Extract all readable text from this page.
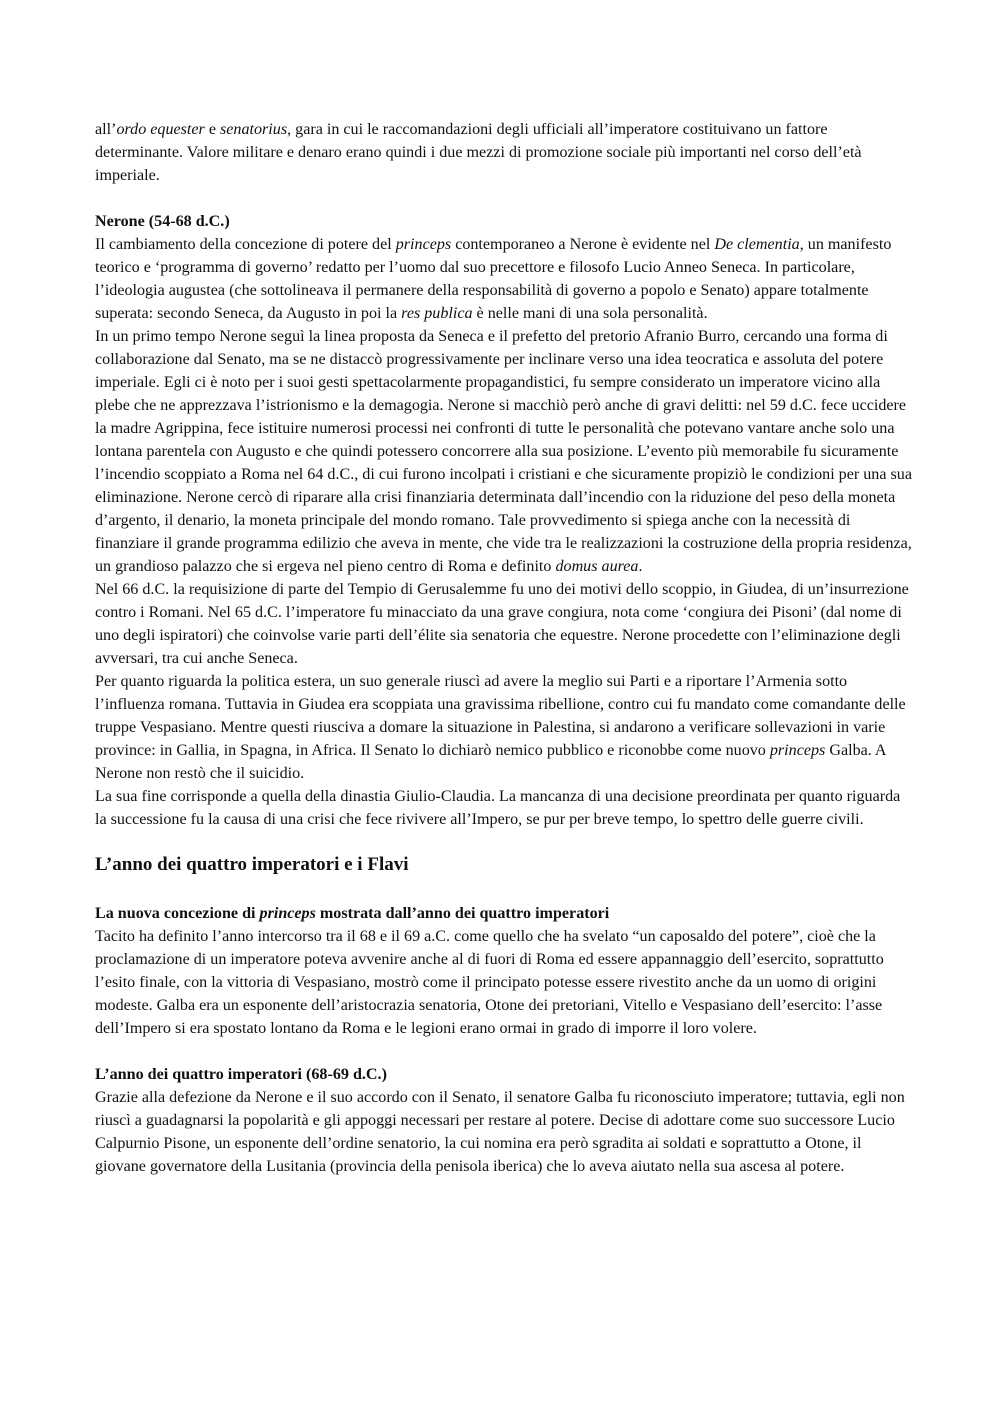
all’ordo equester e senatorius, gara in cui le raccomandazioni degli ufficiali all’imperatore costituivano un fattore determinante. Valore militare e denaro erano quindi i due mezzi di promozione sociale più importanti nel corso dell’età imperiale.

Nerone (54-68 d.C.)

Il cambiamento della concezione di potere del princeps contemporaneo a Nerone è evidente nel De clementia, un manifesto teorico e ‘programma di governo’ redatto per l’uomo dal suo precettore e filosofo Lucio Anneo Seneca. In particolare, l’ideologia augustea (che sottolineava il permanere della responsabilità di governo a popolo e Senato) appare totalmente superata: secondo Seneca, da Augusto in poi la res publica è nelle mani di una sola personalità.

In un primo tempo Nerone seguì la linea proposta da Seneca e il prefetto del pretorio Afranio Burro, cercando una forma di collaborazione dal Senato, ma se ne distaccò progressivamente per inclinare verso una idea teocratica e assoluta del potere imperiale. Egli ci è noto per i suoi gesti spettacolarmente propagandistici, fu sempre considerato un imperatore vicino alla plebe che ne apprezzava l’istrionismo e la demagogia. Nerone si macchiò però anche di gravi delitti: nel 59 d.C. fece uccidere la madre Agrippina, fece istituire numerosi processi nei confronti di tutte le personalità che potevano vantare anche solo una lontana parentela con Augusto e che quindi potessero concorrere alla sua posizione. L’evento più memorabile fu sicuramente l’incendio scoppiato a Roma nel 64 d.C., di cui furono incolpati i cristiani e che sicuramente propiziò le condizioni per una sua eliminazione. Nerone cercò di riparare alla crisi finanziaria determinata dall’incendio con la riduzione del peso della moneta d’argento, il denario, la moneta principale del mondo romano. Tale provvedimento si spiega anche con la necessità di finanziare il grande programma edilizio che aveva in mente, che vide tra le realizzazioni la costruzione della propria residenza, un grandioso palazzo che si ergeva nel pieno centro di Roma e definito domus aurea.

Nel 66 d.C. la requisizione di parte del Tempio di Gerusalemme fu uno dei motivi dello scoppio, in Giudea, di un’insurrezione contro i Romani. Nel 65 d.C. l’imperatore fu minacciato da una grave congiura, nota come ‘congiura dei Pisoni’ (dal nome di uno degli ispiratori) che coinvolse varie parti dell’élite sia senatoria che equestre. Nerone procedette con l’eliminazione degli avversari, tra cui anche Seneca.

Per quanto riguarda la politica estera, un suo generale riuscì ad avere la meglio sui Parti e a riportare l’Armenia sotto l’influenza romana. Tuttavia in Giudea era scoppiata una gravissima ribellione, contro cui fu mandato come comandante delle truppe Vespasiano. Mentre questi riusciva a domare la situazione in Palestina, si andarono a verificare sollevazioni in varie province: in Gallia, in Spagna, in Africa. Il Senato lo dichiarò nemico pubblico e riconobbe come nuovo princeps Galba. A Nerone non restò che il suicidio.

La sua fine corrisponde a quella della dinastia Giulio-Claudia. La mancanza di una decisione preordinata per quanto riguarda la successione fu la causa di una crisi che fece rivivere all’Impero, se pur per breve tempo, lo spettro delle guerre civili.

L’anno dei quattro imperatori e i Flavi

La nuova concezione di princeps mostrata dall’anno dei quattro imperatori

Tacito ha definito l’anno intercorso tra il 68 e il 69 a.C. come quello che ha svelato “un caposaldo del potere”, cioè che la proclamazione di un imperatore poteva avvenire anche al di fuori di Roma ed essere appannaggio dell’esercito, soprattutto l’esito finale, con la vittoria di Vespasiano, mostrò come il principato potesse essere rivestito anche da un uomo di origini modeste. Galba era un esponente dell’aristocrazia senatoria, Otone dei pretoriani, Vitello e Vespasiano dell’esercito: l’asse dell’Impero si era spostato lontano da Roma e le legioni erano ormai in grado di imporre il loro volere.

L’anno dei quattro imperatori (68-69 d.C.)

Grazie alla defezione da Nerone e il suo accordo con il Senato, il senatore Galba fu riconosciuto imperatore; tuttavia, egli non riuscì a guadagnarsi la popolarità e gli appoggi necessari per restare al potere. Decise di adottare come suo successore Lucio Calpurnio Pisone, un esponente dell’ordine senatorio, la cui nomina era però sgradita ai soldati e soprattutto a Otone, il giovane governatore della Lusitania (provincia della penisola iberica) che lo aveva aiutato nella sua ascesa al potere.
